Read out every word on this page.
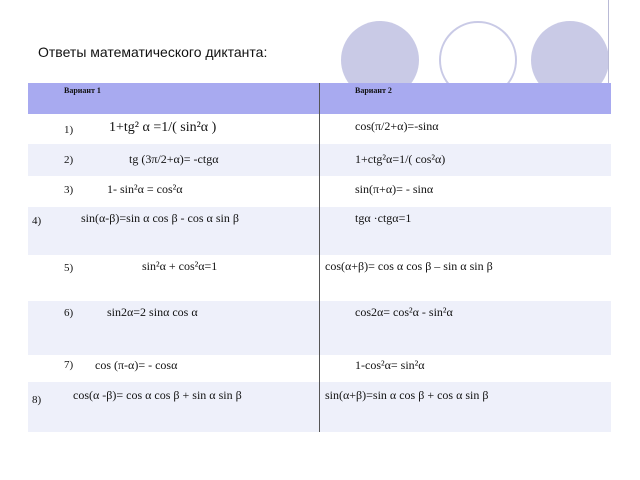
Ответы математического диктанта:
Вариант 1	Вариант 2
1)	1+tg² α =1/( sin²α )	cos(π/2+α)=-sinα
2)	tg (3π/2+α)= -ctgα	1+ctg²α=1/( cos²α)
3)	1- sin²α = cos²α	sin(π+α)= - sinα
4)	sin(α-β)=sin α cos β - cos α sin β	tgα ·ctgα=1
5)	sin²α + cos²α=1	cos(α+β)= cos α cos β – sin α sin β
6)	sin2α=2 sinα cos α	cos2α= cos²α - sin²α
7) cos (π-α)= - cosα	1-cos²α= sin²α
8)	cos(α -β)= cos α cos β + sin α sin β	sin(α+β)=sin α cos β + cos α sin β
